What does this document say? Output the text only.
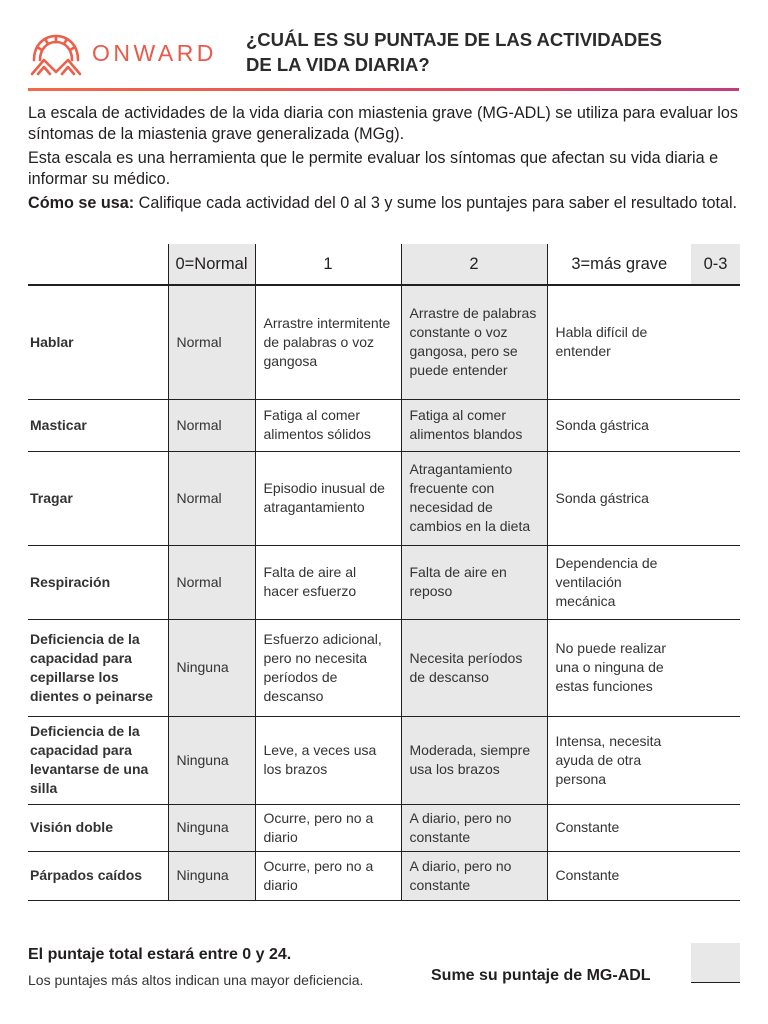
ONWARD
¿CUÁL ES SU PUNTAJE DE LAS ACTIVIDADES
DE LA VIDA DIARIA?

La escala de actividades de la vida diaria con miastenia grave (MG-ADL) se utiliza para evaluar los síntomas de la miastenia grave generalizada (MGg).

Esta escala es una herramienta que le permite evaluar los síntomas que afectan su vida diaria e informar su médico.

Cómo se usa: Califique cada actividad del 0 al 3 y sume los puntajes para saber el resultado total.

	0=Normal	1	2	3=más grave		0-3
Hablar	Normal	Arrastre intermitente de palabras o voz gangosa	Arrastre de palabras constante o voz gangosa, pero se puede entender	Habla difícil de entender		
Masticar	Normal	Fatiga al comer alimentos sólidos	Fatiga al comer alimentos blandos	Sonda gástrica		
Tragar	Normal	Episodio inusual de atragantamiento	Atragantamiento frecuente con necesidad de cambios en la dieta	Sonda gástrica		
Respiración	Normal	Falta de aire al hacer esfuerzo	Falta de aire en reposo	Dependencia de ventilación mecánica		
Deficiencia de la capacidad para cepillarse los dientes o peinarse	Ninguna	Esfuerzo adicional, pero no necesita períodos de descanso	Necesita períodos de descanso	No puede realizar una o ninguna de estas funciones		
Deficiencia de la capacidad para levantarse de una silla	Ninguna	Leve, a veces usa los brazos	Moderada, siempre usa los brazos	Intensa, necesita ayuda de otra persona		
Visión doble	Ninguna	Ocurre, pero no a diario	A diario, pero no constante	Constante		
Párpados caídos	Ninguna	Ocurre, pero no a diario	A diario, pero no constante	Constante		
El puntaje total estará entre 0 y 24.
Los puntajes más altos indican una mayor deficiencia.	Sume su puntaje de MG-ADL
